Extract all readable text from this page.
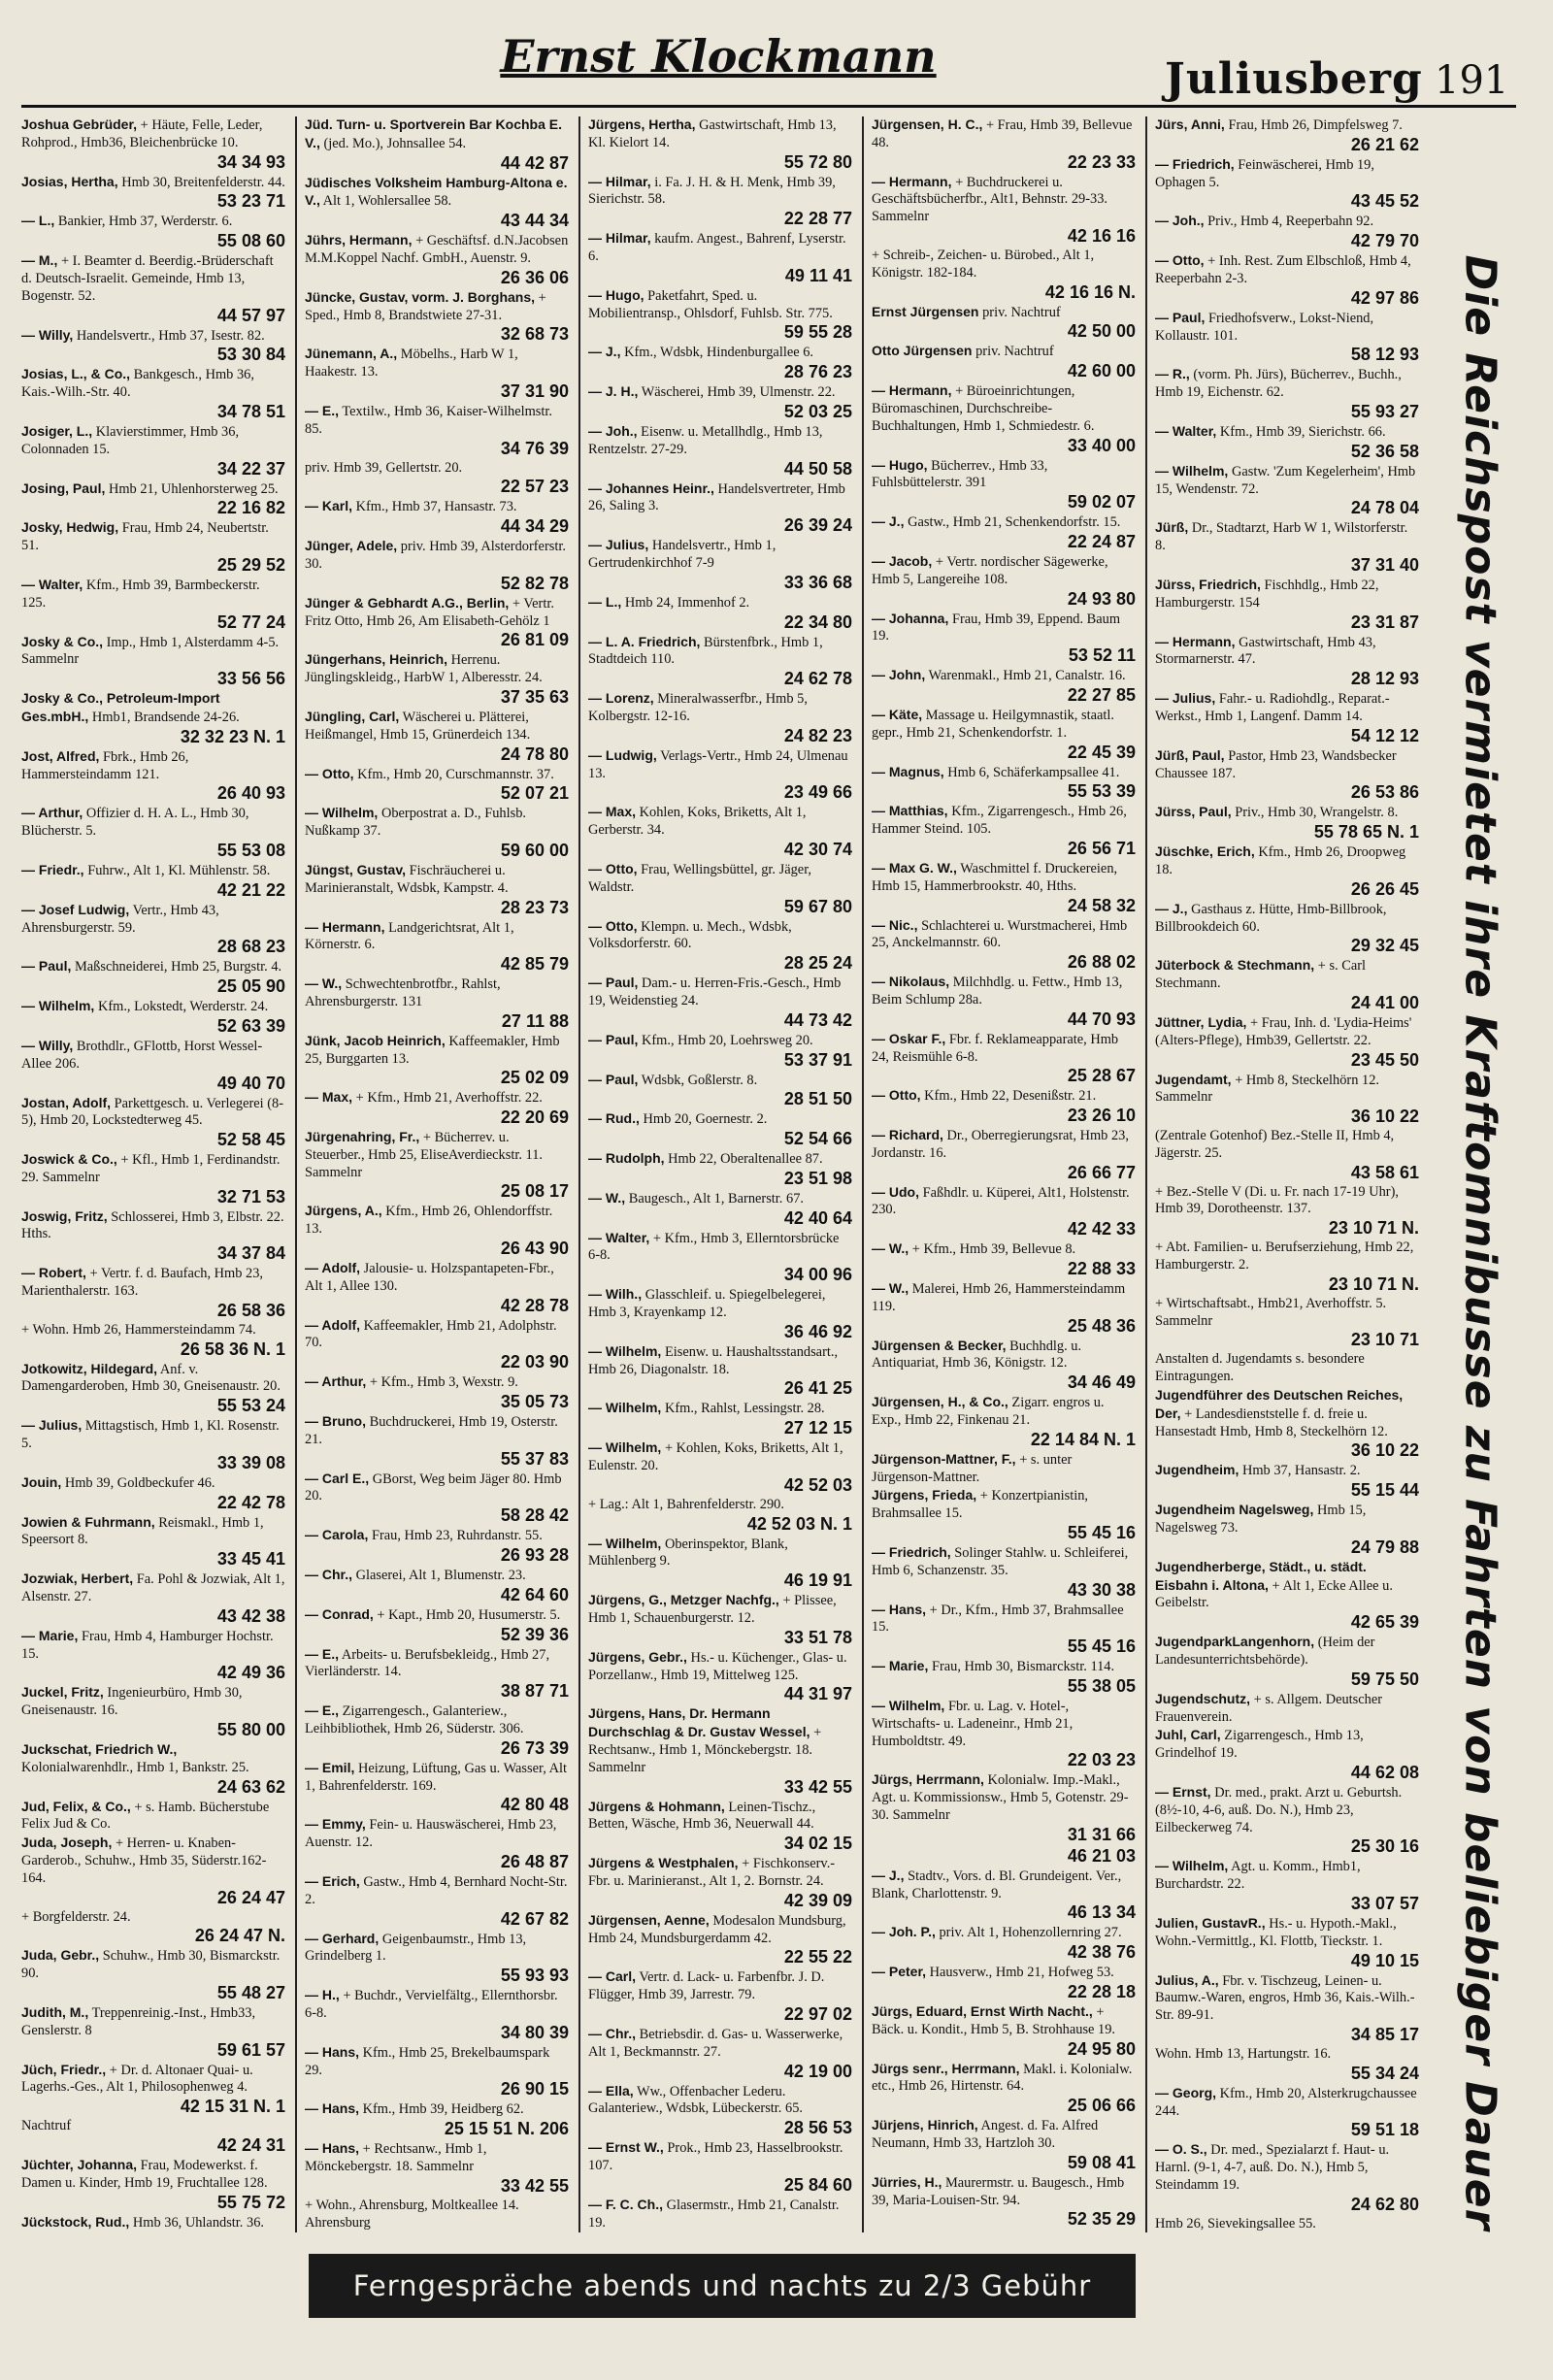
Ernst Klockmann	Juliusberg 191
Joshua Gebrüder, + Häute, Felle, Leder, Rohprod., Hmb36, Bleichenbrücke 10.
34 34 93
Josias, Hertha, Hmb 30, Breitenfelderstr. 44.
53 23 71
— L., Bankier, Hmb 37, Werderstr. 6.
55 08 60
— M., + I. Beamter d. Beerdig.-Brüderschaft d. Deutsch-Israelit. Gemeinde, Hmb 13, Bogenstr. 52.
44 57 97
— Willy, Handelsvertr., Hmb 37, Isestr. 82.
53 30 84
Josias, L., & Co., Bankgesch., Hmb 36, Kais.-Wilh.-Str. 40.
34 78 51
Josiger, L., Klavierstimmer, Hmb 36, Colonnaden 15.
34 22 37
Josing, Paul, Hmb 21, Uhlenhorsterweg 25.
22 16 82
Josky, Hedwig, Frau, Hmb 24, Neubertstr. 51.
25 29 52
— Walter, Kfm., Hmb 39, Barmbeckerstr. 125.
52 77 24
Josky & Co., Imp., Hmb 1, Alsterdamm 4-5. Sammelnr
33 56 56
Josky & Co., Petroleum-Import Ges.mbH., Hmb1, Brandsende 24-26.
32 32 23 N. 1
Jost, Alfred, Fbrk., Hmb 26, Hammersteindamm 121.
26 40 93
— Arthur, Offizier d. H. A. L., Hmb 30, Blücherstr. 5.
55 53 08
— Friedr., Fuhrw., Alt 1, Kl. Mühlenstr. 58.
42 21 22
— Josef Ludwig, Vertr., Hmb 43, Ahrensburgerstr. 59.
28 68 23
— Paul, Maßschneiderei, Hmb 25, Burgstr. 4.
25 05 90
— Wilhelm, Kfm., Lokstedt, Werderstr. 24.
52 63 39
— Willy, Brothdlr., GFlottb, Horst Wessel-Allee 206.
49 40 70
Jostan, Adolf, Parkettgesch. u. Verlegerei (8-5), Hmb 20, Lockstedterweg 45.
52 58 45
Joswick & Co., + Kfl., Hmb 1, Ferdinandstr. 29. Sammelnr
32 71 53
Joswig, Fritz, Schlosserei, Hmb 3, Elbstr. 22. Hths.
34 37 84
— Robert, + Vertr. f. d. Baufach, Hmb 23, Marienthalerstr. 163.
26 58 36
+ Wohn. Hmb 26, Hammersteindamm 74.
26 58 36 N. 1
Jotkowitz, Hildegard, Anf. v. Damengarderoben, Hmb 30, Gneisenaustr. 20.
55 53 24
— Julius, Mittagstisch, Hmb 1, Kl. Rosenstr. 5.
33 39 08
Jouin, Hmb 39, Goldbeckufer 46.
22 42 78
Jowien & Fuhrmann, Reismakl., Hmb 1, Speersort 8.
33 45 41
Jozwiak, Herbert, Fa. Pohl & Jozwiak, Alt 1, Alsenstr. 27.
43 42 38
— Marie, Frau, Hmb 4, Hamburger Hochstr. 15.
42 49 36
Juckel, Fritz, Ingenieurbüro, Hmb 30, Gneisenaustr. 16.
55 80 00
Juckschat, Friedrich W., Kolonialwarenhdlr., Hmb 1, Bankstr. 25.
24 63 62
Jud, Felix, & Co., + s. Hamb. Bücherstube Felix Jud & Co.
Juda, Joseph, + Herren- u. Knaben-Garderob., Schuhw., Hmb 35, Süderstr.162-164.
26 24 47
+ Borgfelderstr. 24.
26 24 47 N.
Juda, Gebr., Schuhw., Hmb 30, Bismarckstr. 90.
55 48 27
Judith, M., Treppenreinig.-Inst., Hmb33, Genslerstr. 8
59 61 57
Jüch, Friedr., + Dr. d. Altonaer Quai- u. Lagerhs.-Ges., Alt 1, Philosophenweg 4.
42 15 31 N. 1
Nachtruf
42 24 31
Jüchter, Johanna, Frau, Modewerkst. f. Damen u. Kinder, Hmb 19, Fruchtallee 128.
55 75 72
Jückstock, Rud., Hmb 36, Uhlandstr. 36.
Jüd. Turn- u. Sportverein Bar Kochba E. V., (jed. Mo.), Johnsallee 54.
44 42 87
Jüdisches Volksheim Hamburg-Altona e. V., Alt 1, Wohlersallee 58.
43 44 34
Jührs, Hermann, + Geschäftsf. d.N.Jacobsen M.M.Koppel Nachf. GmbH., Auenstr. 9.
26 36 06
Jüncke, Gustav, vorm. J. Borghans, + Sped., Hmb 8, Brandstwiete 27-31.
32 68 73
Jünemann, A., Möbelhs., Harb W 1, Haakestr. 13.
37 31 90
— E., Textilw., Hmb 36, Kaiser-Wilhelmstr. 85.
34 76 39
priv. Hmb 39, Gellertstr. 20.
22 57 23
— Karl, Kfm., Hmb 37, Hansastr. 73.
44 34 29
Jünger, Adele, priv. Hmb 39, Alsterdorferstr. 30.
52 82 78
Jünger & Gebhardt A.G., Berlin, + Vertr. Fritz Otto, Hmb 26, Am Elisabeth-Gehölz 1
26 81 09
Jüngerhans, Heinrich, Herrenu. Jünglingskleidg., HarbW 1, Alberesstr. 24.
37 35 63
Jüngling, Carl, Wäscherei u. Plätterei, Heißmangel, Hmb 15, Grünerdeich 134.
24 78 80
— Otto, Kfm., Hmb 20, Curschmannstr. 37.
52 07 21
— Wilhelm, Oberpostrat a. D., Fuhlsb. Nußkamp 37.
59 60 00
Jüngst, Gustav, Fischräucherei u. Marinieranstalt, Wdsbk, Kampstr. 4.
28 23 73
— Hermann, Landgerichtsrat, Alt 1, Körnerstr. 6.
42 85 79
— W., Schwechtenbrotfbr., Rahlst, Ahrensburgerstr. 131
27 11 88
Jünk, Jacob Heinrich, Kaffeemakler, Hmb 25, Burggarten 13.
25 02 09
— Max, + Kfm., Hmb 21, Averhoffstr. 22.
22 20 69
Jürgenahring, Fr., + Bücherrev. u. Steuerber., Hmb 25, EliseAverdieckstr. 11. Sammelnr
25 08 17
Jürgens, A., Kfm., Hmb 26, Ohlendorffstr. 13.
26 43 90
— Adolf, Jalousie- u. Holzspantapeten-Fbr., Alt 1, Allee 130.
42 28 78
— Adolf, Kaffeemakler, Hmb 21, Adolphstr. 70.
22 03 90
— Arthur, + Kfm., Hmb 3, Wexstr. 9.
35 05 73
— Bruno, Buchdruckerei, Hmb 19, Osterstr. 21.
55 37 83
— Carl E., GBorst, Weg beim Jäger 80. Hmb 20.
58 28 42
— Carola, Frau, Hmb 23, Ruhrdanstr. 55.
26 93 28
— Chr., Glaserei, Alt 1, Blumenstr. 23.
42 64 60
— Conrad, + Kapt., Hmb 20, Husumerstr. 5.
52 39 36
— E., Arbeits- u. Berufsbekleidg., Hmb 27, Vierländerstr. 14.
38 87 71
— E., Zigarrengesch., Galanteriew., Leihbibliothek, Hmb 26, Süderstr. 306.
26 73 39
— Emil, Heizung, Lüftung, Gas u. Wasser, Alt 1, Bahrenfelderstr. 169.
42 80 48
— Emmy, Fein- u. Hauswäscherei, Hmb 23, Auenstr. 12.
26 48 87
— Erich, Gastw., Hmb 4, Bernhard Nocht-Str. 2.
42 67 82
— Gerhard, Geigenbaumstr., Hmb 13, Grindelberg 1.
55 93 93
— H., + Buchdr., Vervielfältg., Ellernthorsbr. 6-8.
34 80 39
— Hans, Kfm., Hmb 25, Brekelbaumspark 29.
26 90 15
— Hans, Kfm., Hmb 39, Heidberg 62.
25 15 51 N. 206
— Hans, + Rechtsanw., Hmb 1, Mönckebergstr. 18. Sammelnr
33 42 55
+ Wohn., Ahrensburg, Moltkeallee 14. Ahrensburg
Jürgens, Hertha, Gastwirtschaft, Hmb 13, Kl. Kielort 14.
55 72 80
— Hilmar, i. Fa. J. H. & H. Menk, Hmb 39, Sierichstr. 58.
22 28 77
— Hilmar, kaufm. Angest., Bahrenf, Lyserstr. 6.
49 11 41
— Hugo, Paketfahrt, Sped. u. Mobilientransp., Ohlsdorf, Fuhlsb. Str. 775.
59 55 28
— J., Kfm., Wdsbk, Hindenburgallee 6.
28 76 23
— J. H., Wäscherei, Hmb 39, Ulmenstr. 22.
52 03 25
— Joh., Eisenw. u. Metallhdlg., Hmb 13, Rentzelstr. 27-29.
44 50 58
— Johannes Heinr., Handelsvertreter, Hmb 26, Saling 3.
26 39 24
— Julius, Handelsvertr., Hmb 1, Gertrudenkirchhof 7-9
33 36 68
— L., Hmb 24, Immenhof 2.
22 34 80
— L. A. Friedrich, Bürstenfbrk., Hmb 1, Stadtdeich 110.
24 62 78
— Lorenz, Mineralwasserfbr., Hmb 5, Kolbergstr. 12-16.
24 82 23
— Ludwig, Verlags-Vertr., Hmb 24, Ulmenau 13.
23 49 66
— Max, Kohlen, Koks, Briketts, Alt 1, Gerberstr. 34.
42 30 74
— Otto, Frau, Wellingsbüttel, gr. Jäger, Waldstr.
59 67 80
— Otto, Klempn. u. Mech., Wdsbk, Volksdorferstr. 60.
28 25 24
— Paul, Dam.- u. Herren-Fris.-Gesch., Hmb 19, Weidenstieg 24.
44 73 42
— Paul, Kfm., Hmb 20, Loehrsweg 20.
53 37 91
— Paul, Wdsbk, Goßlerstr. 8.
28 51 50
— Rud., Hmb 20, Goernestr. 2.
52 54 66
— Rudolph, Hmb 22, Oberaltenallee 87.
23 51 98
— W., Baugesch., Alt 1, Barnerstr. 67.
42 40 64
— Walter, + Kfm., Hmb 3, Ellerntorsbrücke 6-8.
34 00 96
— Wilh., Glasschleif. u. Spiegelbelegerei, Hmb 3, Krayenkamp 12.
36 46 92
— Wilhelm, Eisenw. u. Haushaltsstandsart., Hmb 26, Diagonalstr. 18.
26 41 25
— Wilhelm, Kfm., Rahlst, Lessingstr. 28.
27 12 15
— Wilhelm, + Kohlen, Koks, Briketts, Alt 1, Eulenstr. 20.
42 52 03
+ Lag.: Alt 1, Bahrenfelderstr. 290.
42 52 03 N. 1
— Wilhelm, Oberinspektor, Blank, Mühlenberg 9.
46 19 91
Jürgens, G., Metzger Nachfg., + Plissee, Hmb 1, Schauenburgerstr. 12.
33 51 78
Jürgens, Gebr., Hs.- u. Küchenger., Glas- u. Porzellanw., Hmb 19, Mittelweg 125.
44 31 97
Jürgens, Hans, Dr. Hermann Durchschlag & Dr. Gustav Wessel, + Rechtsanw., Hmb 1, Mönckebergstr. 18. Sammelnr
33 42 55
Jürgens & Hohmann, Leinen-Tischz., Betten, Wäsche, Hmb 36, Neuerwall 44.
34 02 15
Jürgens & Westphalen, + Fischkonserv.-Fbr. u. Marinieranst., Alt 1, 2. Bornstr. 24.
42 39 09
Jürgensen, Aenne, Modesalon Mundsburg, Hmb 24, Mundsburgerdamm 42.
22 55 22
— Carl, Vertr. d. Lack- u. Farbenfbr. J. D. Flügger, Hmb 39, Jarrestr. 79.
22 97 02
— Chr., Betriebsdir. d. Gas- u. Wasserwerke, Alt 1, Beckmannstr. 27.
42 19 00
— Ella, Ww., Offenbacher Lederu. Galanteriew., Wdsbk, Lübeckerstr. 65.
28 56 53
— Ernst W., Prok., Hmb 23, Hasselbrookstr. 107.
25 84 60
— F. C. Ch., Glasermstr., Hmb 21, Canalstr. 19.
Jürgensen, H. C., + Frau, Hmb 39, Bellevue 48.
22 23 33
— Hermann, + Buchdruckerei u. Geschäftsbücherfbr., Alt1, Behnstr. 29-33. Sammelnr
42 16 16
+ Schreib-, Zeichen- u. Bürobed., Alt 1, Königstr. 182-184.
42 16 16 N.
Ernst Jürgensen priv. Nachtruf
42 50 00
Otto Jürgensen priv. Nachtruf
42 60 00
— Hermann, + Büroeinrichtungen, Büromaschinen, Durchschreibe-Buchhaltungen, Hmb 1, Schmiedestr. 6.
33 40 00
— Hugo, Bücherrev., Hmb 33, Fuhlsbüttelerstr. 391
59 02 07
— J., Gastw., Hmb 21, Schenkendorfstr. 15.
22 24 87
— Jacob, + Vertr. nordischer Sägewerke, Hmb 5, Langereihe 108.
24 93 80
— Johanna, Frau, Hmb 39, Eppend. Baum 19.
53 52 11
— John, Warenmakl., Hmb 21, Canalstr. 16.
22 27 85
— Käte, Massage u. Heilgymnastik, staatl. gepr., Hmb 21, Schenkendorfstr. 1.
22 45 39
— Magnus, Hmb 6, Schäferkampsallee 41.
55 53 39
— Matthias, Kfm., Zigarrengesch., Hmb 26, Hammer Steind. 105.
26 56 71
— Max G. W., Waschmittel f. Druckereien, Hmb 15, Hammerbrookstr. 40, Hths.
24 58 32
— Nic., Schlachterei u. Wurstmacherei, Hmb 25, Anckelmannstr. 60.
26 88 02
— Nikolaus, Milchhdlg. u. Fettw., Hmb 13, Beim Schlump 28a.
44 70 93
— Oskar F., Fbr. f. Reklameapparate, Hmb 24, Reismühle 6-8.
25 28 67
— Otto, Kfm., Hmb 22, Desenißstr. 21.
23 26 10
— Richard, Dr., Oberregierungsrat, Hmb 23, Jordanstr. 16.
26 66 77
— Udo, Faßhdlr. u. Küperei, Alt1, Holstenstr. 230.
42 42 33
— W., + Kfm., Hmb 39, Bellevue 8.
22 88 33
— W., Malerei, Hmb 26, Hammersteindamm 119.
25 48 36
Jürgensen & Becker, Buchhdlg. u. Antiquariat, Hmb 36, Königstr. 12.
34 46 49
Jürgensen, H., & Co., Zigarr. engros u. Exp., Hmb 22, Finkenau 21.
22 14 84 N. 1
Jürgenson-Mattner, F., + s. unter Jürgenson-Mattner.
Jürgens, Frieda, + Konzertpianistin, Brahmsallee 15.
55 45 16
— Friedrich, Solinger Stahlw. u. Schleiferei, Hmb 6, Schanzenstr. 35.
43 30 38
— Hans, + Dr., Kfm., Hmb 37, Brahmsallee 15.
55 45 16
— Marie, Frau, Hmb 30, Bismarckstr. 114.
55 38 05
— Wilhelm, Fbr. u. Lag. v. Hotel-, Wirtschafts- u. Ladeneinr., Hmb 21, Humboldtstr. 49.
22 03 23
Jürgs, Herrmann, Kolonialw. Imp.-Makl., Agt. u. Kommissionsw., Hmb 5, Gotenstr. 29-30. Sammelnr
31 31 66
46 21 03
— J., Stadtv., Vors. d. Bl. Grundeigent. Ver., Blank, Charlottenstr. 9.
46 13 34
— Joh. P., priv. Alt 1, Hohenzollernring 27.
42 38 76
— Peter, Hausverw., Hmb 21, Hofweg 53.
22 28 18
Jürgs, Eduard, Ernst Wirth Nacht., + Bäck. u. Kondit., Hmb 5, B. Strohhause 19.
24 95 80
Jürgs senr., Herrmann, Makl. i. Kolonialw. etc., Hmb 26, Hirtenstr. 64.
25 06 66
Jürjens, Hinrich, Angest. d. Fa. Alfred Neumann, Hmb 33, Hartzloh 30.
59 08 41
Jürries, H., Maurermstr. u. Baugesch., Hmb 39, Maria-Louisen-Str. 94.
52 35 29
Jürs, Anni, Frau, Hmb 26, Dimpfelsweg 7.
26 21 62
— Friedrich, Feinwäscherei, Hmb 19, Ophagen 5.
43 45 52
— Joh., Priv., Hmb 4, Reeperbahn 92.
42 79 70
— Otto, + Inh. Rest. Zum Elbschloß, Hmb 4, Reeperbahn 2-3.
42 97 86
— Paul, Friedhofsverw., Lokst-Niend, Kollaustr. 101.
58 12 93
— R., (vorm. Ph. Jürs), Bücherrev., Buchh., Hmb 19, Eichenstr. 62.
55 93 27
— Walter, Kfm., Hmb 39, Sierichstr. 66.
52 36 58
— Wilhelm, Gastw. 'Zum Kegelerheim', Hmb 15, Wendenstr. 72.
24 78 04
Jürß, Dr., Stadtarzt, Harb W 1, Wilstorferstr. 8.
37 31 40
Jürss, Friedrich, Fischhdlg., Hmb 22, Hamburgerstr. 154
23 31 87
— Hermann, Gastwirtschaft, Hmb 43, Stormarnerstr. 47.
28 12 93
— Julius, Fahr.- u. Radiohdlg., Reparat.-Werkst., Hmb 1, Langenf. Damm 14.
54 12 12
Jürß, Paul, Pastor, Hmb 23, Wandsbecker Chaussee 187.
26 53 86
Jürss, Paul, Priv., Hmb 30, Wrangelstr. 8.
55 78 65 N. 1
Jüschke, Erich, Kfm., Hmb 26, Droopweg 18.
26 26 45
— J., Gasthaus z. Hütte, Hmb-Billbrook, Billbrookdeich 60.
29 32 45
Jüterbock & Stechmann, + s. Carl Stechmann.
24 41 00
Jüttner, Lydia, + Frau, Inh. d. 'Lydia-Heims' (Alters-Pflege), Hmb39, Gellertstr. 22.
23 45 50
Jugendamt, + Hmb 8, Steckelhörn 12. Sammelnr
36 10 22
(Zentrale Gotenhof) Bez.-Stelle II, Hmb 4, Jägerstr. 25.
43 58 61
+ Bez.-Stelle V (Di. u. Fr. nach 17-19 Uhr), Hmb 39, Dorotheenstr. 137.
23 10 71 N.
+ Abt. Familien- u. Berufserziehung, Hmb 22, Hamburgerstr. 2.
23 10 71 N.
+ Wirtschaftsabt., Hmb21, Averhoffstr. 5. Sammelnr
23 10 71
Anstalten d. Jugendamts s. besondere Eintragungen.
Jugendführer des Deutschen Reiches, Der, + Landesdienststelle f. d. freie u. Hansestadt Hmb, Hmb 8, Steckelhörn 12.
36 10 22
Jugendheim, Hmb 37, Hansastr. 2.
55 15 44
Jugendheim Nagelsweg, Hmb 15, Nagelsweg 73.
24 79 88
Jugendherberge, Städt., u. städt. Eisbahn i. Altona, + Alt 1, Ecke Allee u. Geibelstr.
42 65 39
JugendparkLangenhorn, (Heim der Landesunterrichtsbehörde).
59 75 50
Jugendschutz, + s. Allgem. Deutscher Frauenverein.
Juhl, Carl, Zigarrengesch., Hmb 13, Grindelhof 19.
44 62 08
— Ernst, Dr. med., prakt. Arzt u. Geburtsh. (8½-10, 4-6, auß. Do. N.), Hmb 23, Eilbeckerweg 74.
25 30 16
— Wilhelm, Agt. u. Komm., Hmb1, Burchardstr. 22.
33 07 57
Julien, GustavR., Hs.- u. Hypoth.-Makl., Wohn.-Vermittlg., Kl. Flottb, Tieckstr. 1.
49 10 15
Julius, A., Fbr. v. Tischzeug, Leinen- u. Baumw.-Waren, engros, Hmb 36, Kais.-Wilh.-Str. 89-91.
34 85 17
Wohn. Hmb 13, Hartungstr. 16.
55 34 24
— Georg, Kfm., Hmb 20, Alsterkrugchaussee 244.
59 51 18
— O. S., Dr. med., Spezialarzt f. Haut- u. Harnl. (9-1, 4-7, auß. Do. N.), Hmb 5, Steindamm 19.
24 62 80
Hmb 26, Sievekingsallee 55.	Die Reichspost vermietet ihre Kraftomnibusse zu Fahrten von beliebiger Dauer
Ferngespräche abends und nachts zu 2/3 Gebühr
